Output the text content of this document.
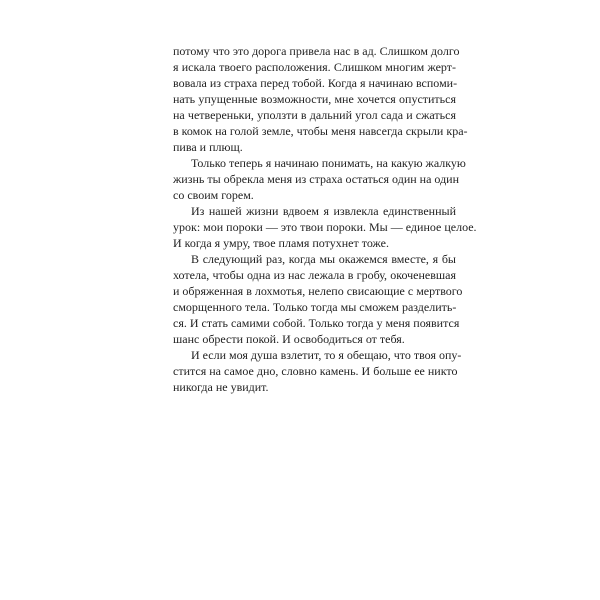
потому что это дорога привела нас в ад. Слишком долго
я искала твоего расположения. Слишком многим жерт-
вовала из страха перед тобой. Когда я начинаю вспоми-
нать упущенные возможности, мне хочется опуститься
на четвереньки, уползти в дальний угол сада и сжаться
в комок на голой земле, чтобы меня навсегда скрыли кра-
пива и плющ.
Только теперь я начинаю понимать, на какую жалкую
жизнь ты обрекла меня из страха остаться один на один
со своим горем.
Из нашей жизни вдвоем я извлекла единственный
урок: мои пороки — это твои пороки. Мы — единое целое.
И когда я умру, твое пламя потухнет тоже.
В следующий раз, когда мы окажемся вместе, я бы
хотела, чтобы одна из нас лежала в гробу, окоченевшая
и обряженная в лохмотья, нелепо свисающие с мертвого
сморщенного тела. Только тогда мы сможем разделить-
ся. И стать самими собой. Только тогда у меня появится
шанс обрести покой. И освободиться от тебя.
И если моя душа взлетит, то я обещаю, что твоя опу-
стится на самое дно, словно камень. И больше ее никто
никогда не увидит.
